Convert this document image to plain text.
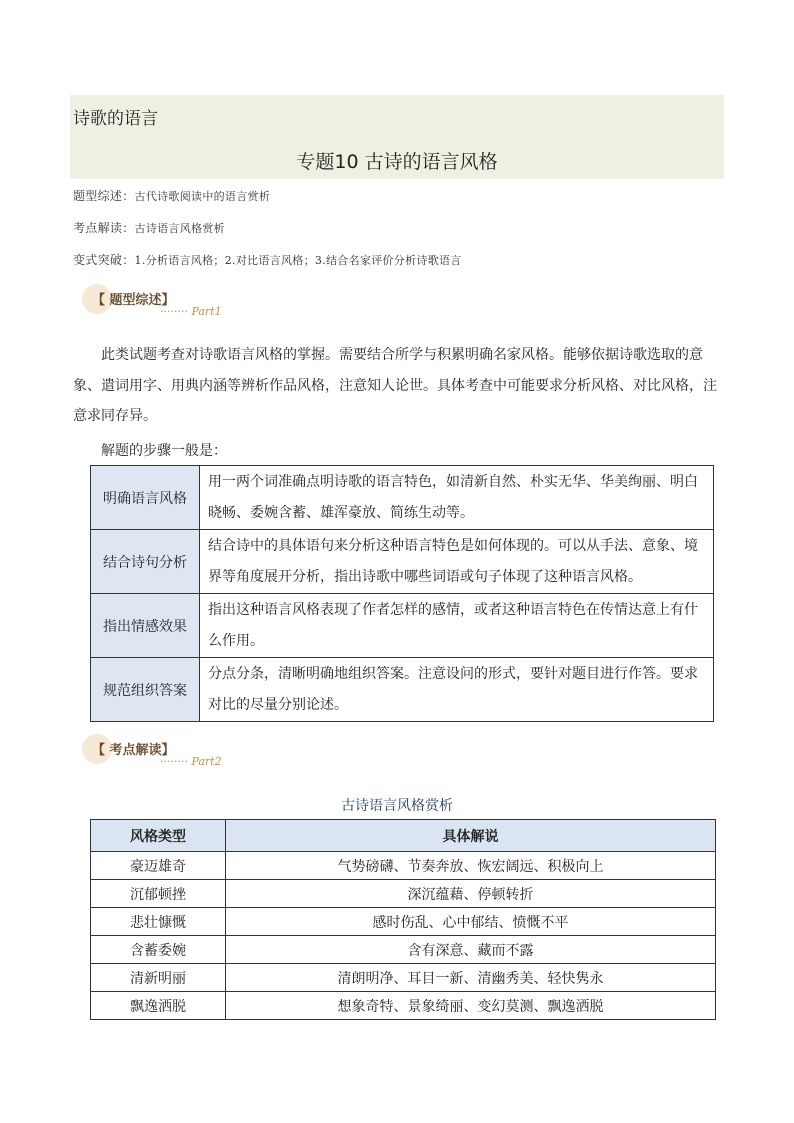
诗歌的语言
专题10 古诗的语言风格
题型综述：古代诗歌阅读中的语言赏析
考点解读：古诗语言风格赏析
变式突破：1.分析语言风格；2.对比语言风格；3.结合名家评价分析诗歌语言
【 题型综述】
········ Part1
此类试题考查对诗歌语言风格的掌握。需要结合所学与积累明确名家风格。能够依据诗歌选取的意象、遣词用字、用典内涵等辨析作品风格，注意知人论世。具体考查中可能要求分析风格、对比风格，注意求同存异。
解题的步骤一般是：
明确语言风格	用一两个词准确点明诗歌的语言特色，如清新自然、朴实无华、华美绚丽、明白晓畅、委婉含蓄、雄浑豪放、简练生动等。
结合诗句分析	结合诗中的具体语句来分析这种语言特色是如何体现的。可以从手法、意象、境界等角度展开分析，指出诗歌中哪些词语或句子体现了这种语言风格。
指出情感效果	指出这种语言风格表现了作者怎样的感情，或者这种语言特色在传情达意上有什么作用。
规范组织答案	分点分条，清晰明确地组织答案。注意设问的形式，要针对题目进行作答。要求对比的尽量分别论述。
【 考点解读】
········ Part2
古诗语言风格赏析
风格类型	具体解说
豪迈雄奇	气势磅礴、节奏奔放、恢宏阔远、积极向上
沉郁顿挫	深沉蕴藉、停顿转折
悲壮慷慨	感时伤乱、心中郁结、愤慨不平
含蓄委婉	含有深意、藏而不露
清新明丽	清朗明净、耳目一新、清幽秀美、轻快隽永
飘逸洒脱	想象奇特、景象绮丽、变幻莫测、飘逸洒脱
